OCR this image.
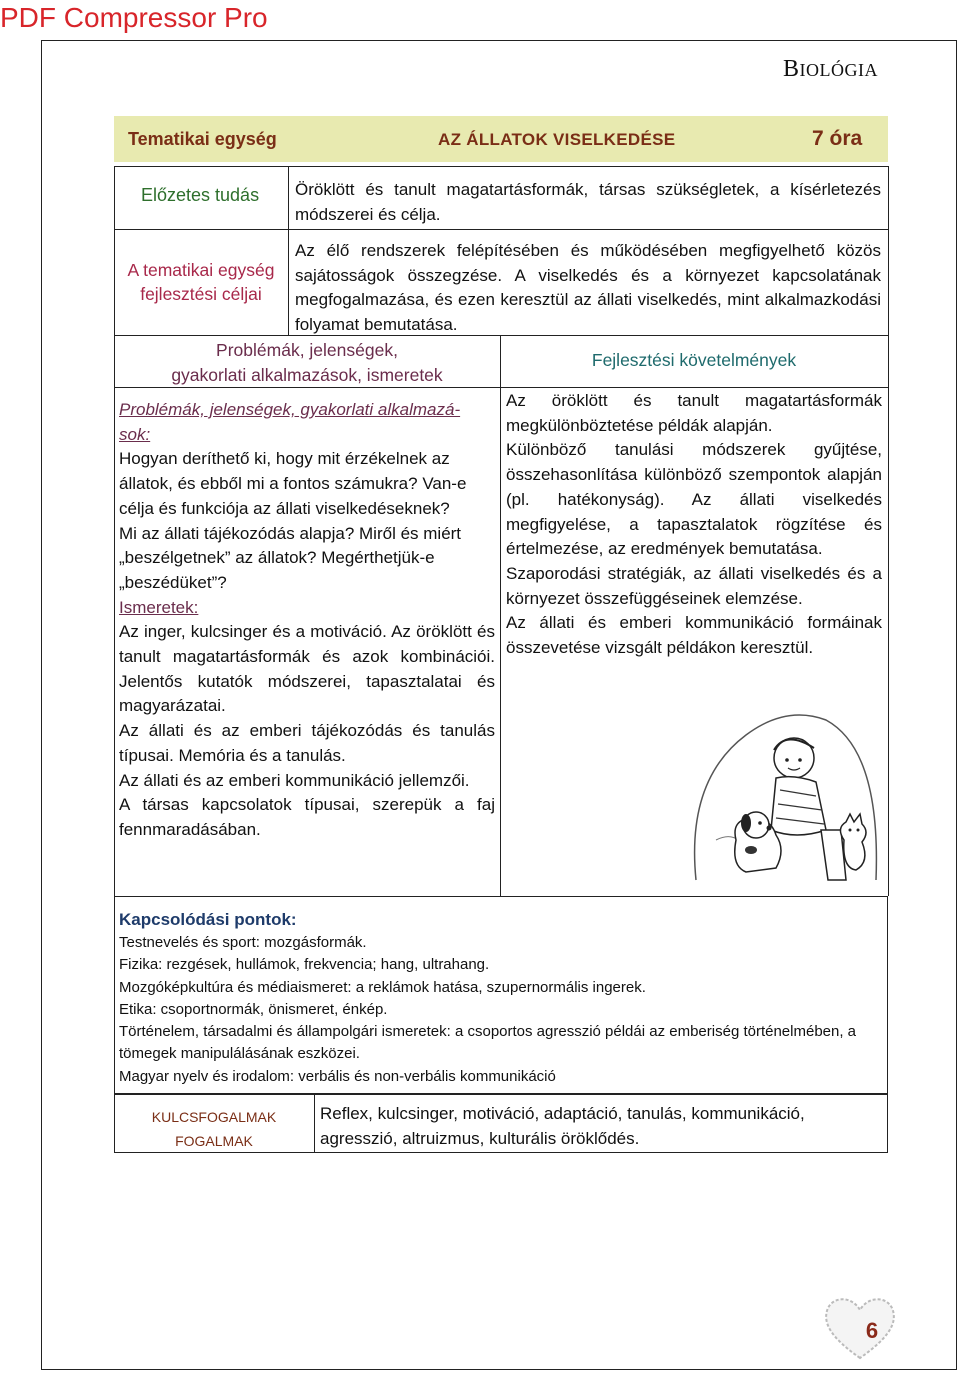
PDF Compressor Pro
BIOLÓGIA
Tematikai egység	AZ ÁLLATOK VISELKEDÉSE	7 óra
Előzetes tudás Öröklött és tanult magatartásformák, társas szükségletek, a kísérletezés módszerei és célja.
A tematikai egység
fejlesztési céljai
Az élő rendszerek felépítésében és működésében megfigyelhető közös sajátosságok összegzése. A viselkedés és a környezet kapcsolatának megfogalmazása, és ezen keresztül az állati viselkedés, mint alkalmazkodási folyamat bemutatása.
Problémák, jelenségek,
gyakorlati alkalmazások, ismeretek
Fejlesztési követelmények
Problémák, jelenségek, gyakorlati alkalmazá- sok:
Hogyan deríthető ki, hogy mit érzékelnek az állatok, és ebből mi a fontos számukra? Van-e célja és funkciója az állati viselkedéseknek?
Mi az állati tájékozódás alapja? Miről és miért „beszélgetnek” az állatok? Megérthetjük-e „beszédüket”?
Ismeretek:
Az inger, kulcsinger és a motiváció. Az öröklött és tanult magatartásformák és azok kombinációi. Jelentős kutatók módszerei, tapasztalatai és magyarázatai.
Az állati és az emberi tájékozódás és tanulás típusai. Memória és a tanulás.
Az állati és az emberi kommunikáció jellemzői.
A társas kapcsolatok típusai, szerepük a faj fennmaradásában.
Az öröklött és tanult magatartásformák megkülönböztetése példák alapján.
Különböző tanulási módszerek gyűjtése, összehasonlítása különböző szempontok alapján (pl. hatékonyság). Az állati viselkedés megfigyelése, a tapasztalatok rögzítése és értelmezése, az eredmények bemutatása.
Szaporodási stratégiák, az állati viselkedés és a környezet összefüggéseinek elemzése.
Az állati és emberi kommunikáció formáinak összevetése vizsgált példákon keresztül.
Kapcsolódási pontok:
Testnevelés és sport: mozgásformák.
Fizika: rezgések, hullámok, frekvencia; hang, ultrahang.
Mozgóképkultúra és médiaismeret: a reklámok hatása, szupernormális ingerek.
Etika: csoportnormák, önismeret, énkép.
Történelem, társadalmi és állampolgári ismeretek: a csoportos agresszió példái az emberiség történelmében, a tömegek manipulálásának eszközei.
Magyar nyelv és irodalom: verbális és non-verbális kommunikáció
KULCSFOGALMAK
FOGALMAK
Reflex, kulcsinger, motiváció, adaptáció, tanulás, kommunikáció, agresszió, altruizmus, kulturális öröklődés.
6
